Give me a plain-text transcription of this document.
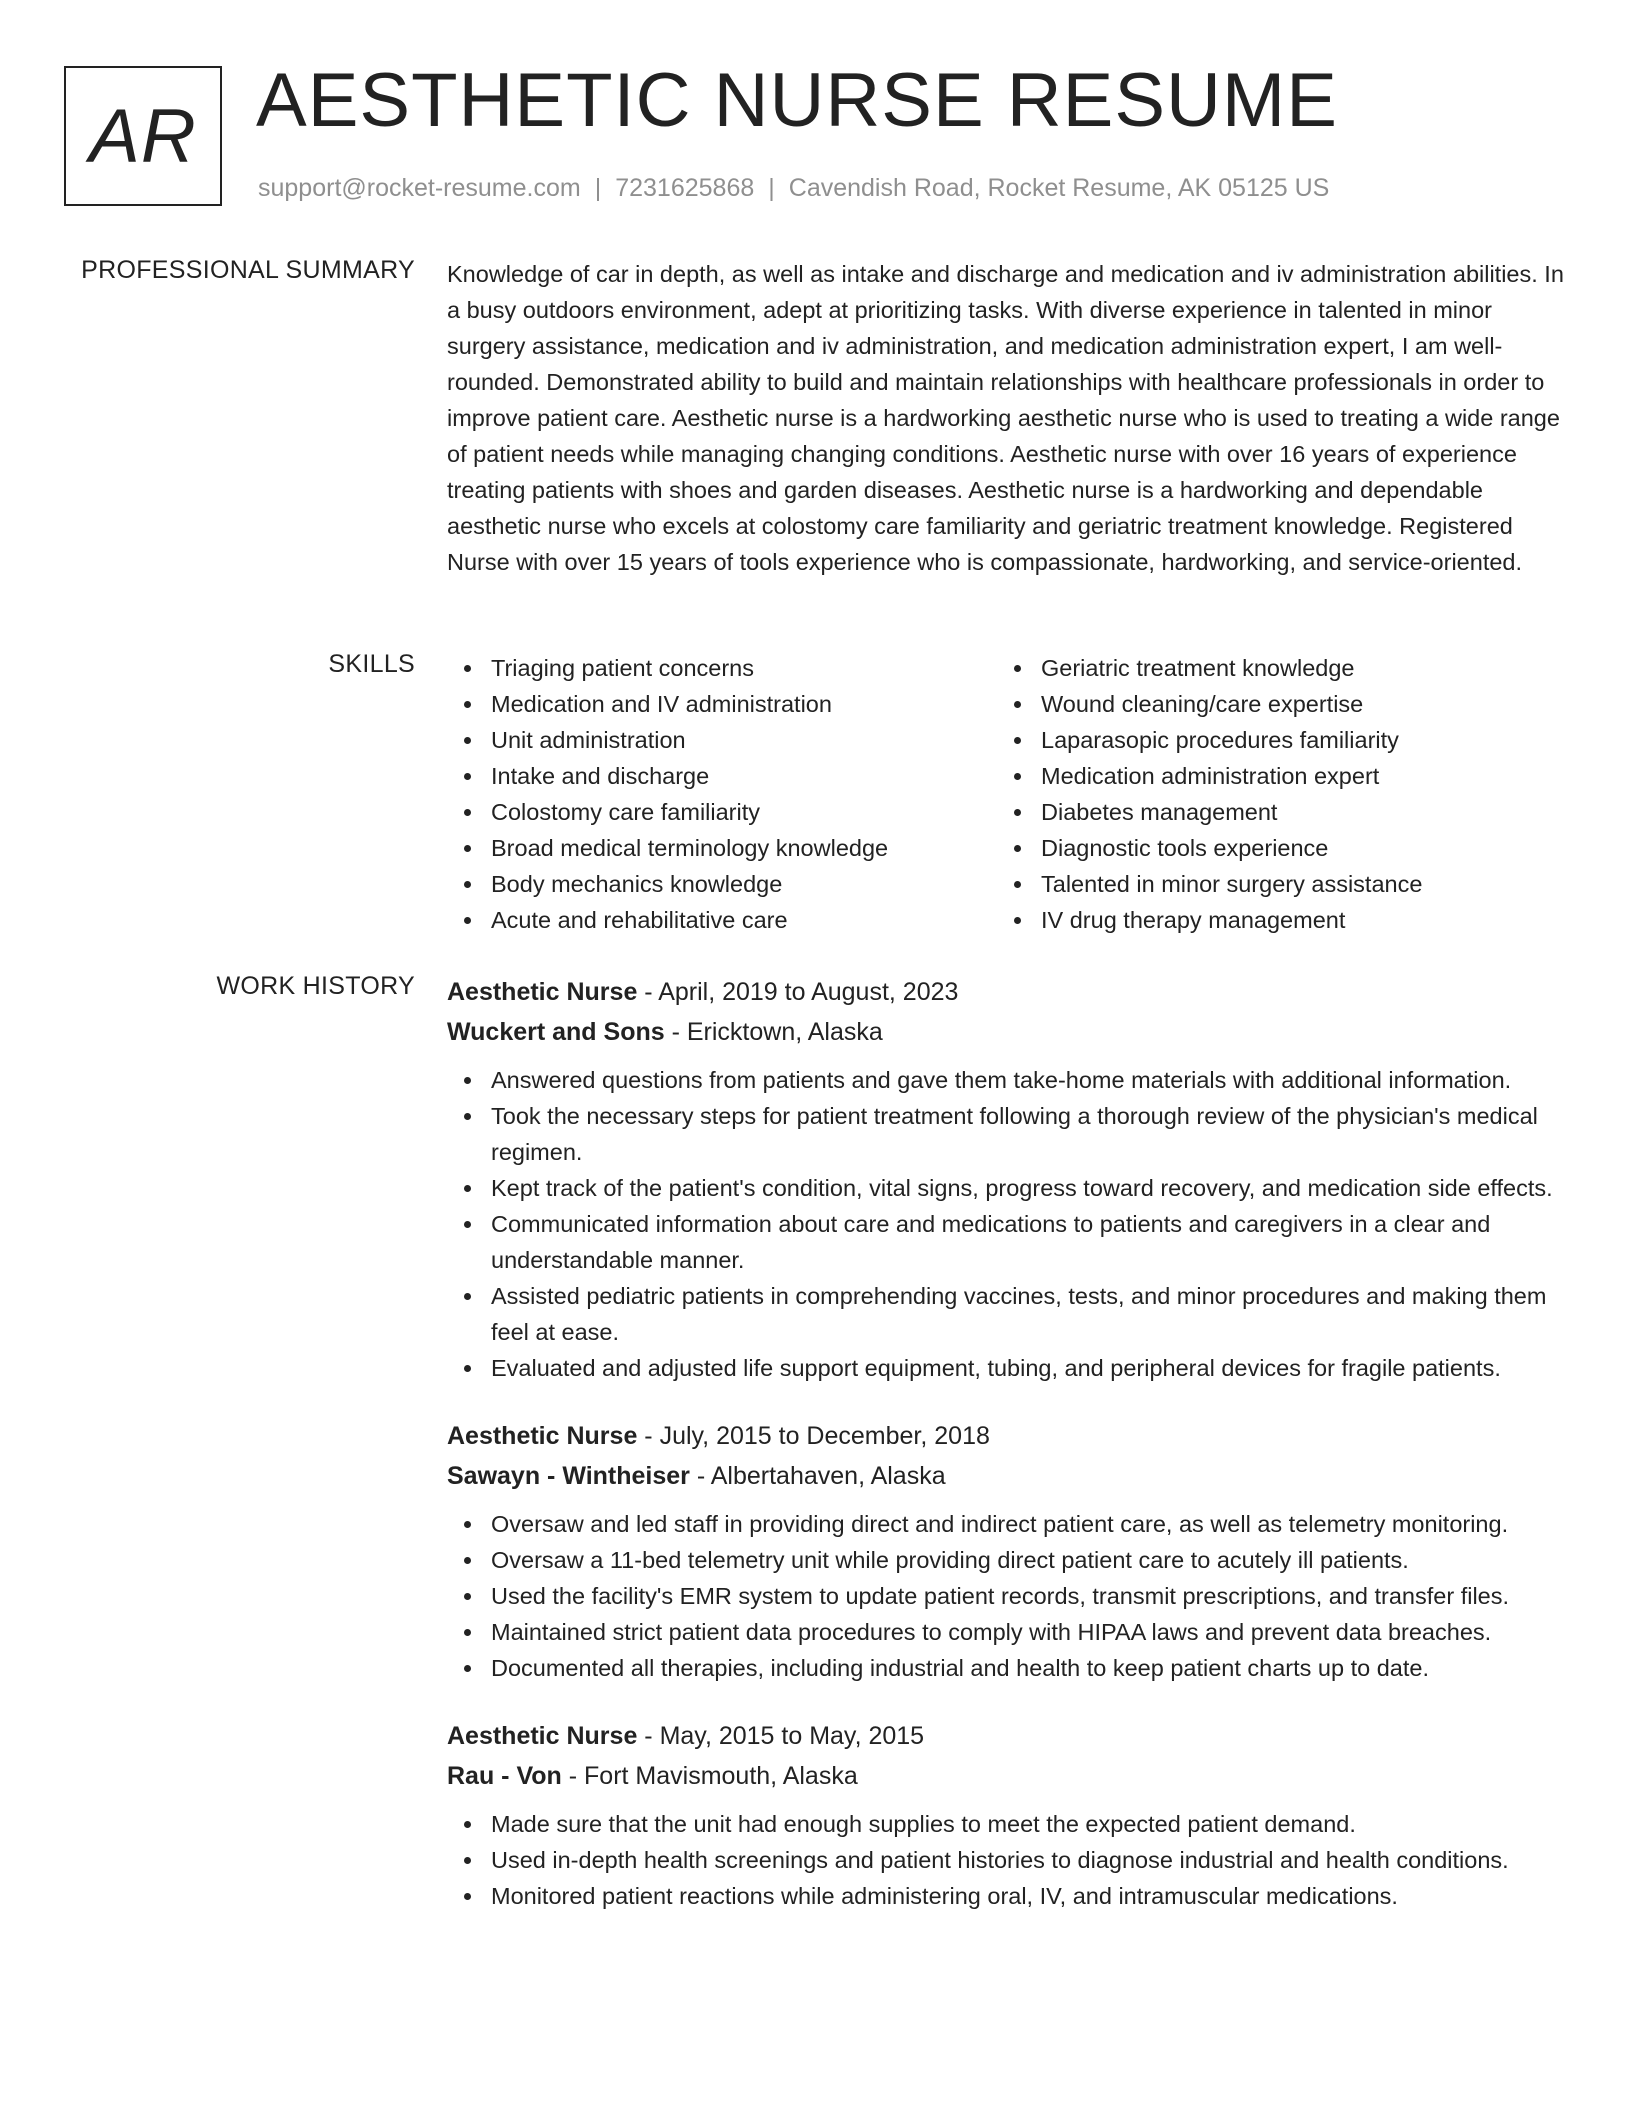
AR AESTHETIC NURSE RESUME
support@rocket-resume.com | 7231625868 | Cavendish Road, Rocket Resume, AK 05125 US
PROFESSIONAL SUMMARY Knowledge of car in depth, as well as intake and discharge and medication and iv administration abilities. In a busy outdoors environment, adept at prioritizing tasks. With diverse experience in talented in minor surgery assistance, medication and iv administration, and medication administration expert, I am well-rounded. Demonstrated ability to build and maintain relationships with healthcare professionals in order to improve patient care. Aesthetic nurse is a hardworking aesthetic nurse who is used to treating a wide range of patient needs while managing changing conditions. Aesthetic nurse with over 16 years of experience treating patients with shoes and garden diseases. Aesthetic nurse is a hardworking and dependable aesthetic nurse who excels at colostomy care familiarity and geriatric treatment knowledge. Registered Nurse with over 15 years of tools experience who is compassionate, hardworking, and service-oriented.

SKILLS	Triaging patient concerns
Medication and IV administration
Unit administration
Intake and discharge
Colostomy care familiarity
Broad medical terminology knowledge
Body mechanics knowledge
Acute and rehabilitative care
Geriatric treatment knowledge
Wound cleaning/care expertise
Laparasopic procedures familiarity
Medication administration expert
Diabetes management
Diagnostic tools experience
Talented in minor surgery assistance
IV drug therapy management
WORK HISTORY Aesthetic Nurse - April, 2019 to August, 2023
Wuckert and Sons - Ericktown, Alaska
Answered questions from patients and gave them take-home materials with additional information.
Took the necessary steps for patient treatment following a thorough review of the physician's medical regimen.
Kept track of the patient's condition, vital signs, progress toward recovery, and medication side effects.
Communicated information about care and medications to patients and caregivers in a clear and understandable manner.
Assisted pediatric patients in comprehending vaccines, tests, and minor procedures and making them feel at ease.
Evaluated and adjusted life support equipment, tubing, and peripheral devices for fragile patients.
Aesthetic Nurse - July, 2015 to December, 2018
Sawayn - Wintheiser - Albertahaven, Alaska
Oversaw and led staff in providing direct and indirect patient care, as well as telemetry monitoring.
Oversaw a 11-bed telemetry unit while providing direct patient care to acutely ill patients.
Used the facility's EMR system to update patient records, transmit prescriptions, and transfer files.
Maintained strict patient data procedures to comply with HIPAA laws and prevent data breaches.
Documented all therapies, including industrial and health to keep patient charts up to date.
Aesthetic Nurse - May, 2015 to May, 2015
Rau - Von - Fort Mavismouth, Alaska
Made sure that the unit had enough supplies to meet the expected patient demand.
Used in-depth health screenings and patient histories to diagnose industrial and health conditions.
Monitored patient reactions while administering oral, IV, and intramuscular medications.
